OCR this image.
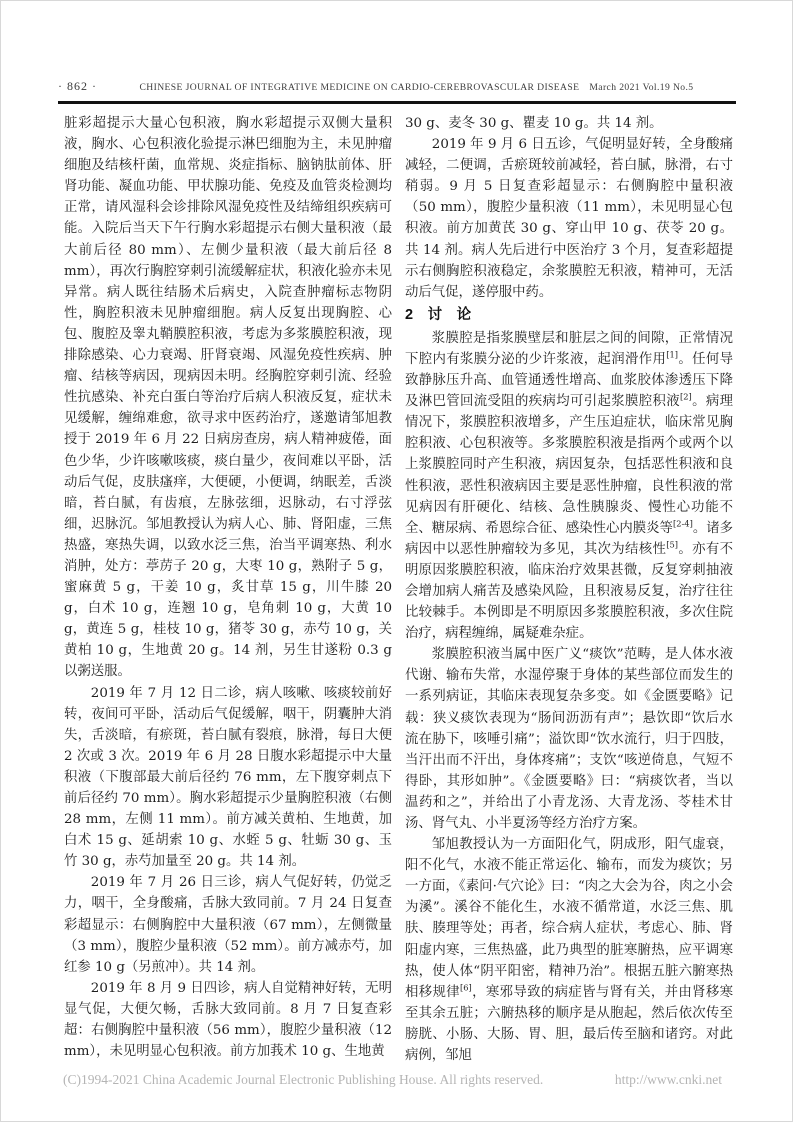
· 862 ·	CHINESE JOURNAL OF INTEGRATIVE MEDICINE ON CARDIO-CEREBROVASCULAR DISEASE March 2021 Vol.19 No.5

脏彩超提示大量心包积液，胸水彩超提示双侧大量积液，胸水、心包积液化验提示淋巴细胞为主，未见肿瘤细胞及结核杆菌，血常规、炎症指标、脑钠肽前体、肝肾功能、凝血功能、甲状腺功能、免疫及血管炎检测均正常，请风湿科会诊排除风湿免疫性及结缔组织疾病可能。入院后当天下午行胸水彩超提示右侧大量积液（最大前后径 80 mm）、左侧少量积液（最大前后径 8 mm），再次行胸腔穿刺引流缓解症状，积液化验亦未见异常。病人既往结肠术后病史，入院查肿瘤标志物阴性，胸腔积液未见肿瘤细胞。病人反复出现胸腔、心包、腹腔及睾丸鞘膜腔积液，考虑为多浆膜腔积液，现排除感染、心力衰竭、肝肾衰竭、风湿免疫性疾病、肿瘤、结核等病因，现病因未明。经胸腔穿刺引流、经验性抗感染、补充白蛋白等治疗后病人积液反复，症状未见缓解，缠绵难愈，欲寻求中医药治疗，遂邀请邹旭教授于 2019 年 6 月 22 日病房查房，病人精神疲倦，面色少华，少许咳嗽咳痰，痰白量少，夜间难以平卧，活动后气促，皮肤瘙痒，大便硬，小便调，纳眠差，舌淡暗，苔白腻，有齿痕，左脉弦细，迟脉动，右寸浮弦细，迟脉沉。邹旭教授认为病人心、肺、肾阳虚，三焦热盛，寒热失调，以致水泛三焦，治当平调寒热、利水消肿，处方：葶苈子 20 g，大枣 10 g，熟附子 5 g，蜜麻黄 5 g，干姜 10 g，炙甘草 15 g，川牛膝 20 g，白术 10 g，连翘 10 g，皂角刺 10 g，大黄 10 g，黄连 5 g，桂枝 10 g，猪苓 30 g，赤芍 10 g，关黄柏 10 g，生地黄 20 g。14 剂，另生甘遂粉 0.3 g 以粥送服。

2019 年 7 月 12 日二诊，病人咳嗽、咳痰较前好转，夜间可平卧，活动后气促缓解，咽干，阴囊肿大消失，舌淡暗，有瘀斑，苔白腻有裂痕，脉滑，每日大便 2 次或 3 次。2019 年 6 月 28 日腹水彩超提示中大量积液（下腹部最大前后径约 76 mm，左下腹穿刺点下前后径约 70 mm）。胸水彩超提示少量胸腔积液（右侧 28 mm，左侧 11 mm）。前方减关黄柏、生地黄，加白术 15 g、延胡索 10 g、水蛭 5 g、牡蛎 30 g、玉竹 30 g，赤芍加量至 20 g。共 14 剂。

2019 年 7 月 26 日三诊，病人气促好转，仍觉乏力，咽干，全身酸痛，舌脉大致同前。7 月 24 日复查彩超显示：右侧胸腔中大量积液（67 mm），左侧微量（3 mm），腹腔少量积液（52 mm）。前方减赤芍，加红参 10 g（另煎冲）。共 14 剂。

2019 年 8 月 9 日四诊，病人自觉精神好转，无明显气促，大便欠畅，舌脉大致同前。8 月 7 日复查彩超：右侧胸腔中量积液（56 mm），腹腔少量积液（12 mm），未见明显心包积液。前方加莪术 10 g、生地黄

30 g、麦冬 30 g、瞿麦 10 g。共 14 剂。

2019 年 9 月 6 日五诊，气促明显好转，全身酸痛减轻，二便调，舌瘀斑较前减轻，苔白腻，脉滑，右寸稍弱。9 月 5 日复查彩超显示：右侧胸腔中量积液（50 mm），腹腔少量积液（11 mm），未见明显心包积液。前方加黄芪 30 g、穿山甲 10 g、茯苓 20 g。共 14 剂。病人先后进行中医治疗 3 个月，复查彩超提示右侧胸腔积液稳定，余浆膜腔无积液，精神可，无活动后气促，遂停服中药。

2　讨　论

浆膜腔是指浆膜壁层和脏层之间的间隙，正常情况下腔内有浆膜分泌的少许浆液，起润滑作用[1]。任何导致静脉压升高、血管通透性增高、血浆胶体渗透压下降及淋巴管回流受阻的疾病均可引起浆膜腔积液[2]。病理情况下，浆膜腔积液增多，产生压迫症状，临床常见胸腔积液、心包积液等。多浆膜腔积液是指两个或两个以上浆膜腔同时产生积液，病因复杂，包括恶性积液和良性积液，恶性积液病因主要是恶性肿瘤，良性积液的常见病因有肝硬化、结核、急性胰腺炎、慢性心功能不全、糖尿病、希恩综合征、感染性心内膜炎等[2-4]。诸多病因中以恶性肿瘤较为多见，其次为结核性[5]。亦有不明原因浆膜腔积液，临床治疗效果甚微，反复穿刺抽液会增加病人痛苦及感染风险，且积液易反复，治疗往往比较棘手。本例即是不明原因多浆膜腔积液，多次住院治疗，病程缠绵，属疑难杂症。

浆膜腔积液当属中医广义“痰饮”范畴，是人体水液代谢、输布失常，水湿停聚于身体的某些部位而发生的一系列病证，其临床表现复杂多变。如《金匮要略》记载：狭义痰饮表现为“肠间沥沥有声”；悬饮即“饮后水流在胁下，咳唾引痛”；溢饮即“饮水流行，归于四肢，当汗出而不汗出，身体疼痛”；支饮“咳逆倚息，气短不得卧，其形如肿”。《金匮要略》曰：“病痰饮者，当以温药和之”，并给出了小青龙汤、大青龙汤、苓桂术甘汤、肾气丸、小半夏汤等经方治疗方案。

邹旭教授认为一方面阳化气，阴成形，阳气虚衰，阳不化气，水液不能正常运化、输布，而发为痰饮；另一方面，《素问·气穴论》曰：“肉之大会为谷，肉之小会为溪”。溪谷不能化生，水液不循常道，水泛三焦、肌肤、腠理等处；再者，综合病人症状，考虑心、肺、肾阳虚内寒，三焦热盛，此乃典型的脏寒腑热，应平调寒热，使人体“阴平阳密，精神乃治”。根据五脏六腑寒热相移规律[6]，寒邪导致的病症皆与肾有关，并由肾移寒至其余五脏；六腑热移的顺序是从胞起，然后依次传至膀胱、小肠、大肠、胃、胆，最后传至脑和诸窍。对此病例，邹旭

(C)1994-2021 China Academic Journal Electronic Publishing House. All rights reserved.	http://www.cnki.net
